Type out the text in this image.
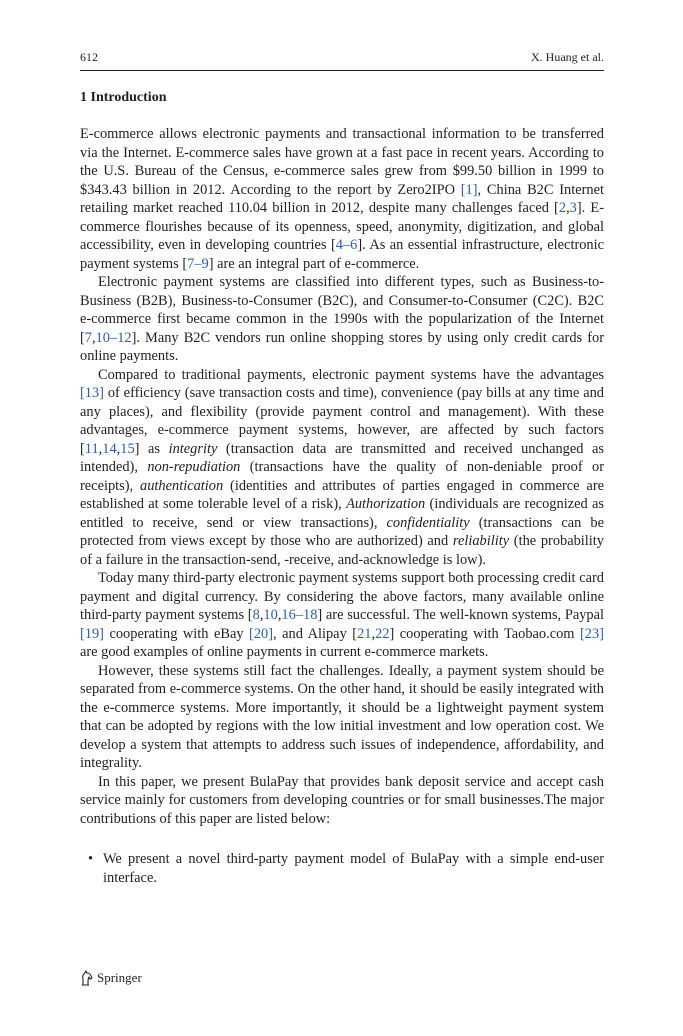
612	X. Huang et al.
1 Introduction

E-commerce allows electronic payments and transactional information to be transferred via the Internet. E-commerce sales have grown at a fast pace in recent years. According to the U.S. Bureau of the Census, e-commerce sales grew from $99.50 billion in 1999 to $343.43 billion in 2012. According to the report by Zero2IPO [1], China B2C Internet retailing market reached 110.04 billion in 2012, despite many challenges faced [2,3]. E-commerce flourishes because of its openness, speed, anonymity, digitization, and global accessibility, even in developing countries [4–6]. As an essential infrastructure, electronic payment systems [7–9] are an integral part of e-commerce.

Electronic payment systems are classified into different types, such as Business-to-Business (B2B), Business-to-Consumer (B2C), and Consumer-to-Consumer (C2C). B2C e-commerce first became common in the 1990s with the popularization of the Internet [7,10–12]. Many B2C vendors run online shopping stores by using only credit cards for online payments.

Compared to traditional payments, electronic payment systems have the advantages [13] of efficiency (save transaction costs and time), convenience (pay bills at any time and any places), and flexibility (provide payment control and management). With these advantages, e-commerce payment systems, however, are affected by such factors [11,14,15] as integrity (transaction data are transmitted and received unchanged as intended), non-repudiation (transactions have the quality of non-deniable proof or receipts), authentication (identities and attributes of parties engaged in commerce are established at some tolerable level of a risk), Authorization (individuals are recognized as entitled to receive, send or view transactions), confidentiality (transactions can be protected from views except by those who are authorized) and reliability (the probability of a failure in the transaction-send, -receive, and-acknowledge is low).

Today many third-party electronic payment systems support both processing credit card payment and digital currency. By considering the above factors, many available online third-party payment systems [8,10,16–18] are successful. The well-known systems, Paypal [19] cooperating with eBay [20], and Alipay [21,22] cooperating with Taobao.com [23] are good examples of online payments in current e-commerce markets.

However, these systems still fact the challenges. Ideally, a payment system should be separated from e-commerce systems. On the other hand, it should be easily integrated with the e-commerce systems. More importantly, it should be a lightweight payment system that can be adopted by regions with the low initial investment and low operation cost. We develop a system that attempts to address such issues of independence, affordability, and integrality.

In this paper, we present BulaPay that provides bank deposit service and accept cash service mainly for customers from developing countries or for small businesses.The major contributions of this paper are listed below:

• We present a novel third-party payment model of BulaPay with a simple end-user interface.
Springer
